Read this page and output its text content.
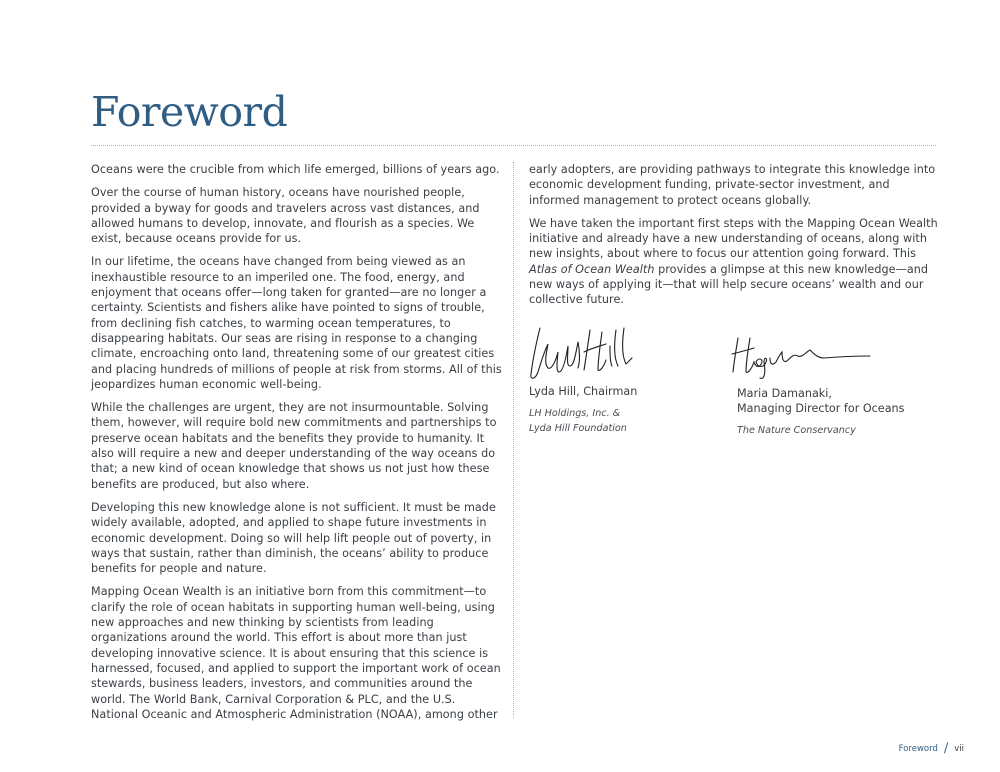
Foreword

Oceans were the crucible from which life emerged, billions of years ago.

Over the course of human history, oceans have nourished people, provided a byway for goods and travelers across vast distances, and allowed humans to develop, innovate, and flourish as a species. We exist, because oceans provide for us.

In our lifetime, the oceans have changed from being viewed as an inexhaustible resource to an imperiled one. The food, energy, and enjoyment that oceans offer—long taken for granted—are no longer a certainty. Scientists and fishers alike have pointed to signs of trouble, from declining fish catches, to warming ocean temperatures, to disappearing habitats. Our seas are rising in response to a changing climate, encroaching onto land, threatening some of our greatest cities and placing hundreds of millions of people at risk from storms. All of this jeopardizes human economic well-being.

While the challenges are urgent, they are not insurmountable. Solving them, however, will require bold new commitments and partnerships to preserve ocean habitats and the benefits they provide to humanity. It also will require a new and deeper understanding of the way oceans do that; a new kind of ocean knowledge that shows us not just how these benefits are produced, but also where.

Developing this new knowledge alone is not sufficient. It must be made widely available, adopted, and applied to shape future investments in economic development. Doing so will help lift people out of poverty, in ways that sustain, rather than diminish, the oceans’ ability to produce benefits for people and nature.

Mapping Ocean Wealth is an initiative born from this commitment—to clarify the role of ocean habitats in supporting human well-being, using new approaches and new thinking by scientists from leading organizations around the world. This effort is about more than just developing innovative science. It is about ensuring that this science is harnessed, focused, and applied to support the important work of ocean stewards, business leaders, investors, and communities around the world. The World Bank, Carnival Corporation & PLC, and the U.S. National Oceanic and Atmospheric Administration (NOAA), among other

early adopters, are providing pathways to integrate this knowledge into economic development funding, private-sector investment, and informed management to protect oceans globally.

We have taken the important first steps with the Mapping Ocean Wealth initiative and already have a new understanding of oceans, along with new insights, about where to focus our attention going forward. This Atlas of Ocean Wealth provides a glimpse at this new knowledge—and new ways of applying it—that will help secure oceans’ wealth and our collective future.

Lyda Hill, Chairman
LH Holdings, Inc. &
Lyda Hill Foundation
Maria Damanaki,
Managing Director for Oceans
The Nature Conservancy
Foreword / vii
